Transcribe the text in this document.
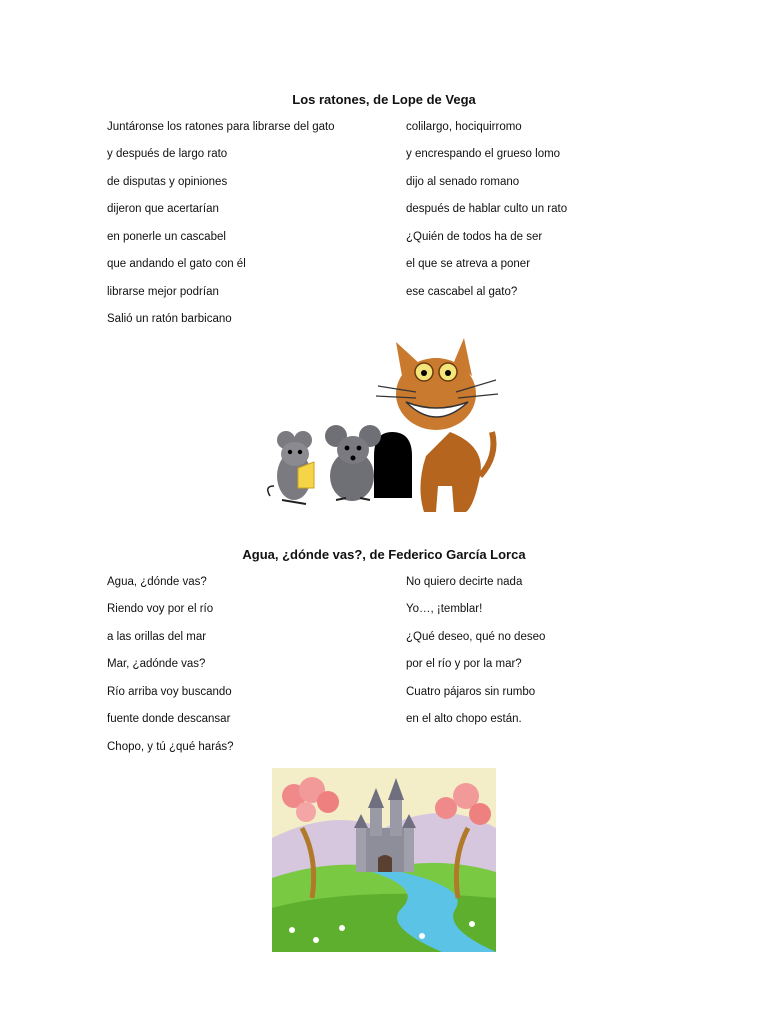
Los ratones, de Lope de Vega
Juntáronse los ratones para librarse del gato
y después de largo rato
de disputas y opiniones
dijeron que acertarían
en ponerle un cascabel
que andando el gato con él
librarse mejor podrían
Salió un ratón barbicano
colilargo, hociquirromo
y encrespando el grueso lomo
dijo al senado romano
después de hablar culto un rato
¿Quién de todos ha de ser
el que se atreva a poner
ese cascabel al gato?
Agua, ¿dónde vas?, de Federico García Lorca
Agua, ¿dónde vas?
Riendo voy por el río
a las orillas del mar
Mar, ¿adónde vas?
Río arriba voy buscando
fuente donde descansar
Chopo, y tú ¿qué harás?
No quiero decirte nada
Yo…, ¡temblar!
¿Qué deseo, qué no deseo
por el río y por la mar?
Cuatro pájaros sin rumbo
en el alto chopo están.
